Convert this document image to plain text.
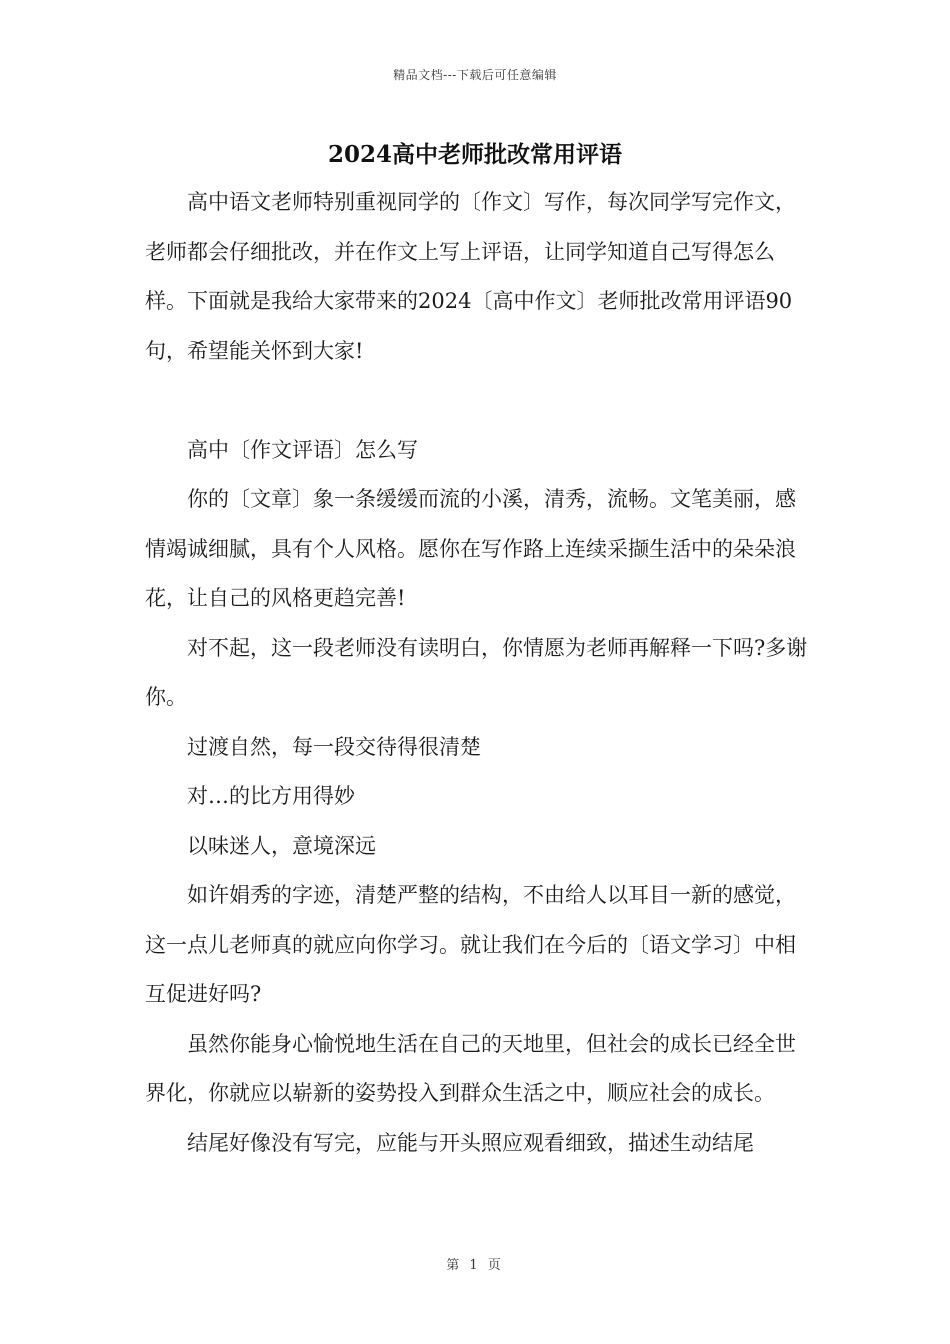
精品文档---下载后可任意编辑
2024高中老师批改常用评语

高中语文老师特别重视同学的〔作文〕写作，每次同学写完作文，老师都会仔细批改，并在作文上写上评语，让同学知道自己写得怎么样。下面就是我给大家带来的2024〔高中作文〕老师批改常用评语90句，希望能关怀到大家!

高中〔作文评语〕怎么写

你的〔文章〕象一条缓缓而流的小溪，清秀，流畅。文笔美丽，感情竭诚细腻，具有个人风格。愿你在写作路上连续采撷生活中的朵朵浪花，让自己的风格更趋完善!

对不起，这一段老师没有读明白，你情愿为老师再解释一下吗?多谢你。

过渡自然，每一段交待得很清楚

对…的比方用得妙

以味迷人，意境深远

如许娟秀的字迹，清楚严整的结构，不由给人以耳目一新的感觉，这一点儿老师真的就应向你学习。就让我们在今后的〔语文学习〕中相互促进好吗?

虽然你能身心愉悦地生活在自己的天地里，但社会的成长已经全世界化，你就应以崭新的姿势投入到群众生活之中，顺应社会的成长。

结尾好像没有写完，应能与开头照应观看细致，描述生动结尾

第 1 页
